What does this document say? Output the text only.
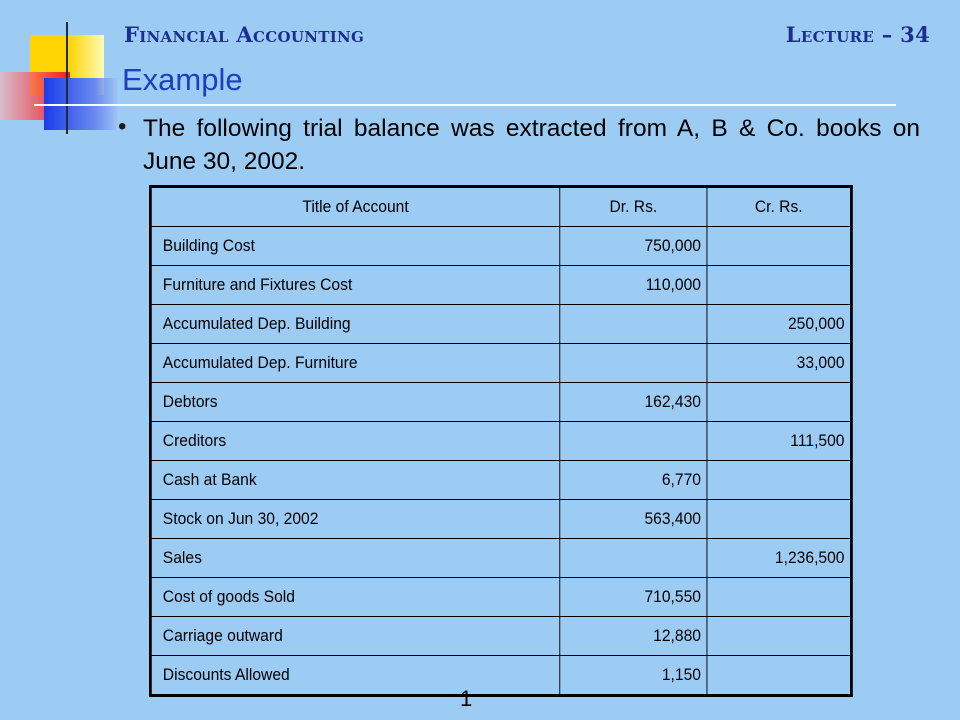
Financial Accounting	Lecture – 34
Example
• The following trial balance was extracted from A, B & Co. books on June 30, 2002.
Title of Account	Dr. Rs.	Cr. Rs.
Building Cost	750,000	
Furniture and Fixtures Cost	110,000	
Accumulated Dep. Building		250,000
Accumulated Dep. Furniture		33,000
Debtors	162,430	
Creditors		111,500
Cash at Bank	6,770	
Stock on Jun 30, 2002	563,400	
Sales		1,236,500
Cost of goods Sold	710,550	
Carriage outward	12,880	
Discounts Allowed	1,150	
1
